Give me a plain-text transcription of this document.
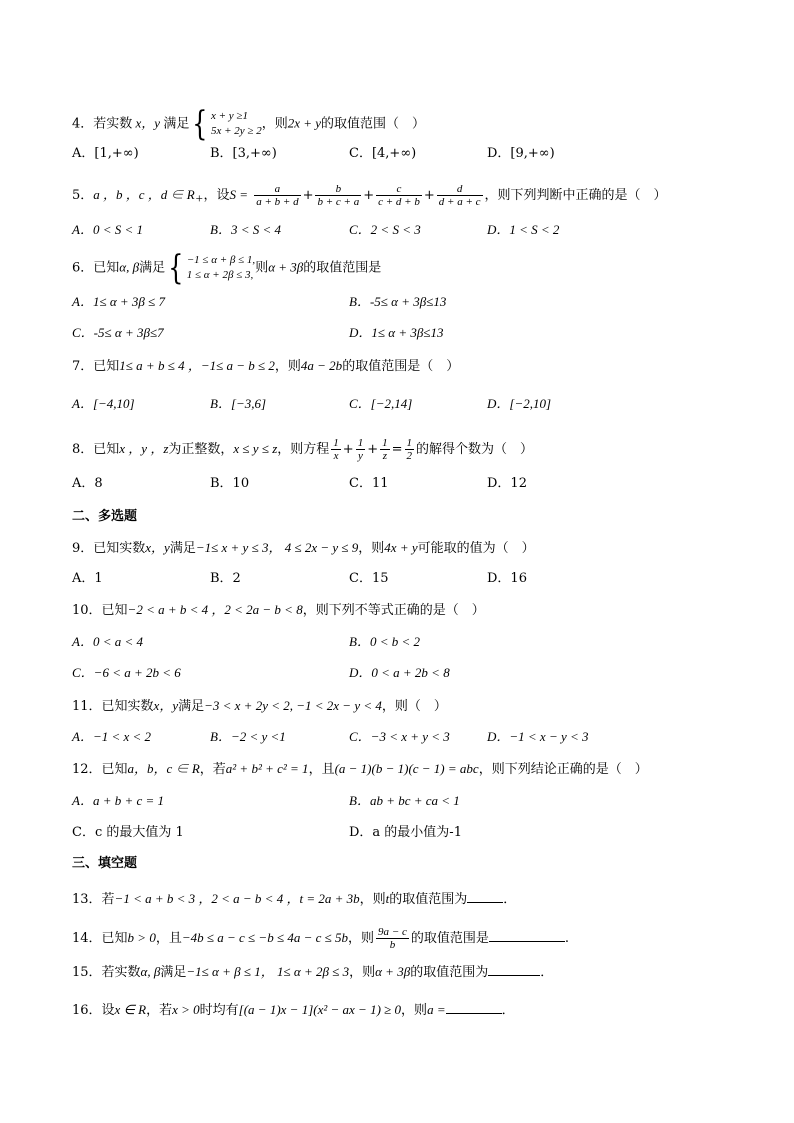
4．若实数 x，y 满足{ x + y ≥1
5x + 2y ≥ 2，则2x + y的取值范围（　）
A．[1,+∞)	B．[3,+∞)	C．[4,+∞)	D．[9,+∞)
5．a ，b ，c ，d ∈ $R_+$，设$S = \frac{a}{a + b + d} + \frac{b}{b + c + a} + \frac{c}{c + d + b} + \frac{d}{d + a + c}$ ，则下列判断中正确的是（　）
A．0 < S < 1	B．3 < S < 4	C．2 < S < 3	D．1 < S < 2
6．已知α, β满足{ −1 ≤ α + β ≤ 1,
1 ≤ α + 2β ≤ 3, 则α + 3β的取值范围是
A．1≤ α + 3β ≤ 7	B．-5≤ α + 3β≤13
C．-5≤ α + 3β≤7	D．1≤ α + 3β≤13
7．已知1≤ a + b ≤ 4 ，−1≤ a − b ≤ 2，则4a − 2b的取值范围是（　）
A．[−4,10]	B．[−3,6]	C．[−2,14]	D．[−2,10]
8．已知x ，y ，z为正整数，x ≤ y ≤ z，则方程 $\frac{1}{x} + \frac{1}{y} + \frac{1}{z} = \frac{1}{2}$ 的解得个数为（　）
A．8	B．10	C．11	D．12
二、多选题
9．已知实数x，y满足−1≤ x + y ≤ 3， 4 ≤ 2x − y ≤ 9，则4x + y可能取的值为（　）
A．1	B．2	C．15	D．16
10．已知−2 < a + b < 4 ，2 < 2a − b < 8，则下列不等式正确的是（　）
A．0 < a < 4	B．0 < b < 2
C．−6 < a + 2b < 6	D．0 < a + 2b < 8
11．已知实数x，y满足−3 < x + 2y < 2, −1 < 2x − y < 4，则（　）
A．−1 < x < 2	B．−2 < y <1	C．−3 < x + y < 3	D．−1 < x − y < 3
12．已知a，b，c ∈ R，若a² + b² + c² = 1，且(a − 1)(b − 1)(c − 1) = abc，则下列结论正确的是（　）
A．a + b + c = 1	B．ab + bc + ca < 1
C．c 的最大值为 1	D．a 的最小值为-1
三、填空题
13．若−1 < a + b < 3 ，2 < a − b < 4 ，t = 2a + 3b，则t的取值范围为	．
14．已知b > 0，且−4b ≤ a − c ≤ −b ≤ 4a − c ≤ 5b，则 $\frac{9a - c}{b}$ 的取值范围是	.
15．若实数α, β满足−1≤ α + β ≤ 1， 1≤ α + 2β ≤ 3，则α + 3β的取值范围为	．
16．设x ∈ R，若x > 0时均有[(a − 1)x − 1](x² − ax − 1) ≥ 0，则a =	．
